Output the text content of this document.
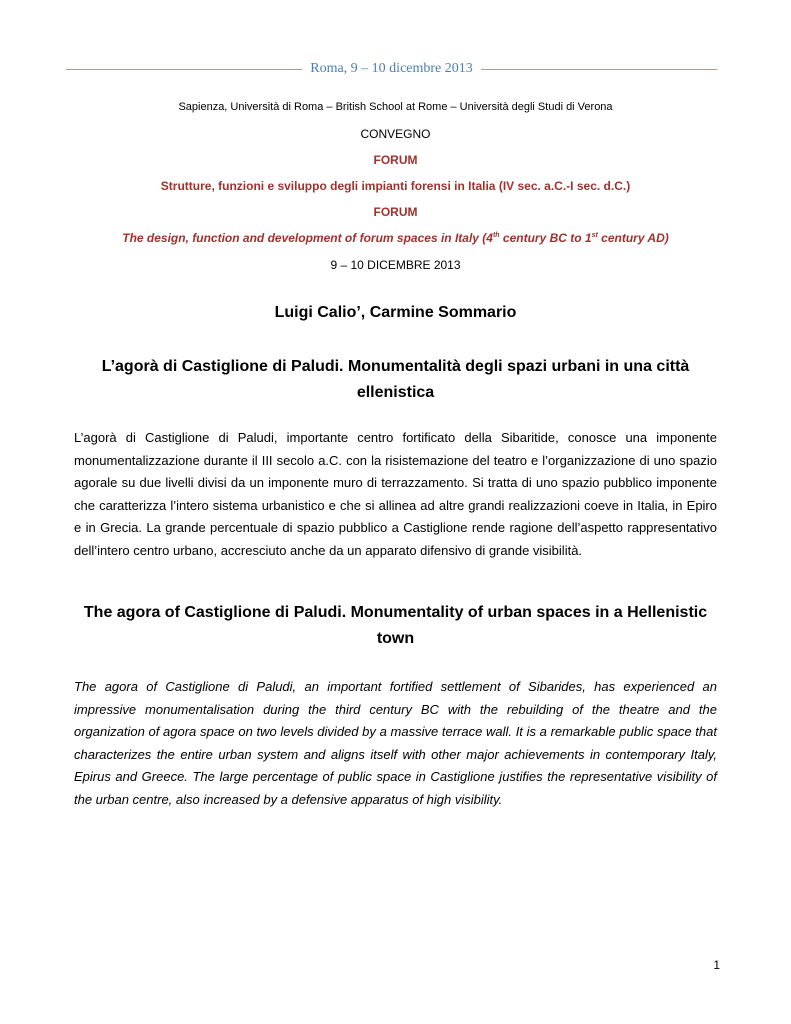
Roma, 9 – 10 dicembre 2013
Sapienza, Università di Roma – British School at Rome – Università degli Studi di Verona
CONVEGNO
FORUM
Strutture, funzioni e sviluppo degli impianti forensi in Italia (IV sec. a.C.-I sec. d.C.)
FORUM
The design, function and development of forum spaces in Italy (4th century BC to 1st century AD)
9 – 10 DICEMBRE 2013
Luigi Calio’, Carmine Sommario
L’agorà di Castiglione di Paludi. Monumentalità degli spazi urbani in una città ellenistica
L’agorà di Castiglione di Paludi, importante centro fortificato della Sibaritide, conosce una imponente monumentalizzazione durante il III secolo a.C. con la risistemazione del teatro e l’organizzazione di uno spazio agorale su due livelli divisi da un imponente muro di terrazzamento. Si tratta di uno spazio pubblico imponente che caratterizza l’intero sistema urbanistico e che si allinea ad altre grandi realizzazioni coeve in Italia, in Epiro e in Grecia. La grande percentuale di spazio pubblico a Castiglione rende ragione dell’aspetto rappresentativo dell’intero centro urbano, accresciuto anche da un apparato difensivo di grande visibilità.
The agora of Castiglione di Paludi. Monumentality of urban spaces in a Hellenistic town
The agora of Castiglione di Paludi, an important fortified settlement of Sibarides, has experienced an impressive monumentalisation during the third century BC with the rebuilding of the theatre and the organization of agora space on two levels divided by a massive terrace wall. It is a remarkable public space that characterizes the entire urban system and aligns itself with other major achievements in contemporary Italy, Epirus and Greece. The large percentage of public space in Castiglione justifies the representative visibility of the urban centre, also increased by a defensive apparatus of high visibility.
1
